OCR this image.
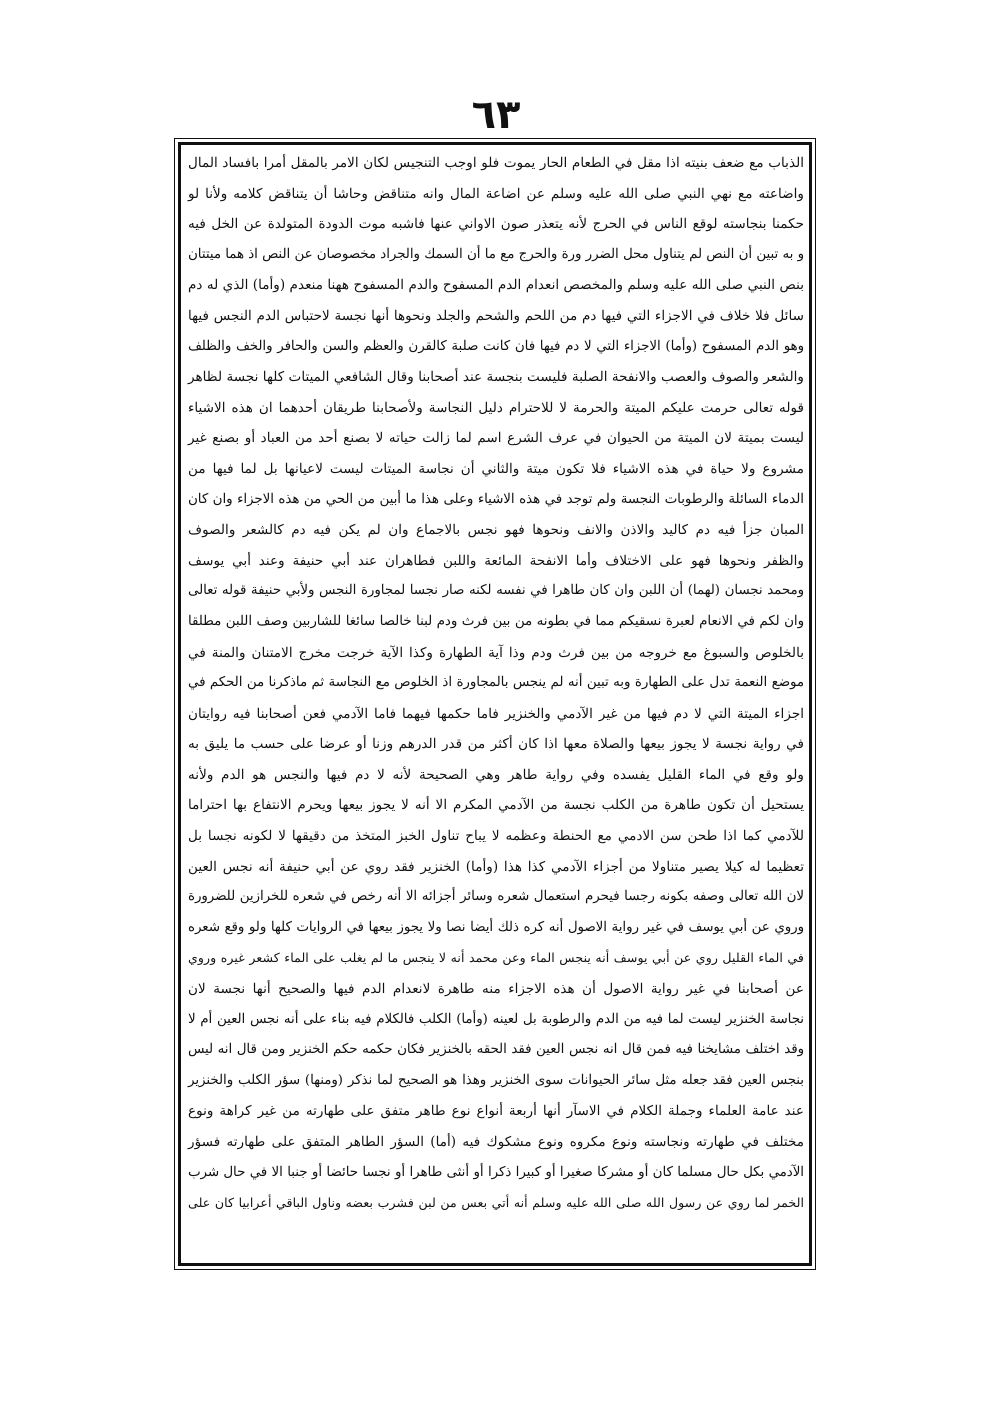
٦٣
الذباب مع ضعف بنيته اذا مقل في الطعام الحار يموت فلو اوجب التنجيس لكان الامر بالمقل أمرا بافساد المال
واضاعته مع نهي النبي صلى الله عليه وسلم عن اضاعة المال وانه متناقض وحاشا أن يتناقض كلامه ولأنا لو
حكمنا بنجاسته لوقع الناس في الحرج لأنه يتعذر صون الاواني عنها فاشبه موت الدودة المتولدة عن الخل فيه
و به تبين أن النص لم يتناول محل الضرر ورة والحرج مع ما أن السمك والجراد مخصوصان عن النص اذ هما ميتتان
بنص النبي صلى الله عليه وسلم والمخصص انعدام الدم المسفوح والدم المسفوح ههنا منعدم (وأما) الذي له دم
سائل فلا خلاف في الاجزاء التي فيها دم من اللحم والشحم والجلد ونحوها أنها نجسة لاحتباس الدم النجس فيها
وهو الدم المسفوح (وأما) الاجزاء التي لا دم فيها فان كانت صلبة كالقرن والعظم والسن والحافر والخف والظلف
والشعر والصوف والعصب والانفحة الصلبة فليست بنجسة عند أصحابنا وقال الشافعي الميتات كلها نجسة لظاهر
قوله تعالى حرمت عليكم الميتة والحرمة لا للاحترام دليل النجاسة ولأصحابنا طريقان أحدهما ان هذه الاشياء
ليست بميتة لان الميتة من الحيوان في عرف الشرع اسم لما زالت حياته لا بصنع أحد من العباد أو بصنع غير
مشروع ولا حياة في هذه الاشياء فلا تكون ميتة والثاني أن نجاسة الميتات ليست لاعيانها بل لما فيها من
الدماء السائلة والرطوبات النجسة ولم توجد في هذه الاشياء وعلى هذا ما أبين من الحي من هذه الاجزاء وان كان
المبان جزأ فيه دم كاليد والاذن والانف ونحوها فهو نجس بالاجماع وان لم يكن فيه دم كالشعر والصوف
والظفر ونحوها فهو على الاختلاف وأما الانفحة المائعة واللبن فطاهران عند أبي حنيفة وعند أبي يوسف
ومحمد نجسان (لهما) أن اللبن وان كان طاهرا في نفسه لكنه صار نجسا لمجاورة النجس ولأبي حنيفة قوله تعالى
وان لكم في الانعام لعبرة نسقيكم مما في بطونه من بين فرث ودم لبنا خالصا سائغا للشاربين وصف اللبن مطلقا
بالخلوص والسبوغ مع خروجه من بين فرث ودم وذا آية الطهارة وكذا الآية خرجت مخرج الامتنان والمنة في
موضع النعمة تدل على الطهارة وبه تبين أنه لم ينجس بالمجاورة اذ الخلوص مع النجاسة ثم ماذكرنا من الحكم في
اجزاء الميتة التي لا دم فيها من غير الآدمي والخنزير فاما حكمها فيهما فاما الآدمي فعن أصحابنا فيه روايتان
في رواية نجسة لا يجوز بيعها والصلاة معها اذا كان أكثر من قدر الدرهم وزنا أو عرضا على حسب ما يليق به
ولو وقع في الماء القليل يفسده وفي رواية طاهر وهي الصحيحة لأنه لا دم فيها والنجس هو الدم ولأنه
يستحيل أن تكون طاهرة من الكلب نجسة من الآدمي المكرم الا أنه لا يجوز بيعها ويحرم الانتفاع بها احتراما
للآدمي كما اذا طحن سن الادمي مع الحنطة وعظمه لا يباح تناول الخبز المتخذ من دقيقها لا لكونه نجسا بل
تعظيما له كيلا يصير متناولا من أجزاء الآدمي كذا هذا (وأما) الخنزير فقد روي عن أبي حنيفة أنه نجس العين
لان الله تعالى وصفه بكونه رجسا فيحرم استعمال شعره وسائر أجزائه الا أنه رخص في شعره للخرازين للضرورة
وروي عن أبي يوسف في غير رواية الاصول أنه كره ذلك أيضا نصا ولا يجوز بيعها في الروايات كلها ولو وقع شعره
في الماء القليل روي عن أبي يوسف أنه ينجس الماء وعن محمد أنه لا ينجس ما لم يغلب على الماء كشعر غيره وروي
عن أصحابنا في غير رواية الاصول أن هذه الاجزاء منه طاهرة لانعدام الدم فيها والصحيح أنها نجسة لان
نجاسة الخنزير ليست لما فيه من الدم والرطوبة بل لعينه (وأما) الكلب فالكلام فيه بناء على أنه نجس العين أم لا
وقد اختلف مشايخنا فيه فمن قال انه نجس العين فقد الحقه بالخنزير فكان حكمه حكم الخنزير ومن قال انه ليس
بنجس العين فقد جعله مثل سائر الحيوانات سوى الخنزير وهذا هو الصحيح لما نذكر (ومنها) سؤر الكلب والخنزير
عند عامة العلماء وجملة الكلام في الاسآر أنها أربعة أنواع نوع طاهر متفق على طهارته من غير كراهة ونوع
مختلف في طهارته ونجاسته ونوع مكروه ونوع مشكوك فيه (أما) السؤر الطاهر المتفق على طهارته فسؤر
الآدمي بكل حال مسلما كان أو مشركا صغيرا أو كبيرا ذكرا أو أنثى طاهرا أو نجسا حائضا أو جنبا الا في حال شرب
الخمر لما روي عن رسول الله صلى الله عليه وسلم أنه أتي بعس من لبن فشرب بعضه وناول الباقي أعرابيا كان على
